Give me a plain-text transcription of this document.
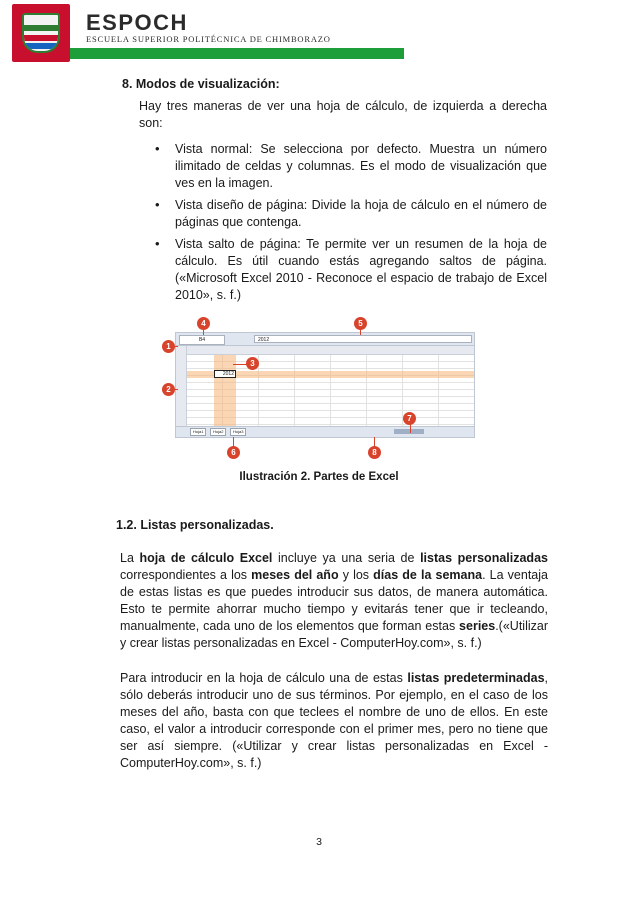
ESPOCH
ESCUELA SUPERIOR POLITÉCNICA DE CHIMBORAZO
8. Modos de visualización:
Hay tres maneras de ver una hoja de cálculo, de izquierda a derecha son:
• Vista normal: Se selecciona por defecto. Muestra un número ilimitado de celdas y columnas. Es el modo de visualización que ves en la imagen.
• Vista diseño de página: Divide la hoja de cálculo en el número de páginas que contenga.
• Vista salto de página: Te permite ver un resumen de la hoja de cálculo. Es útil cuando estás agregando saltos de página.(«Microsoft Excel 2010 - Reconoce el espacio de trabajo de Excel 2010», s. f.)
B4	2012
2012
Hoja1	Hoja2	Hoja3
1
2
3
4	5
6
7
8
Ilustración 2. Partes de Excel
1.2. Listas personalizadas.
La hoja de cálculo Excel incluye ya una seria de listas personalizadas correspondientes a los meses del año y los días de la semana. La ventaja de estas listas es que puedes introducir sus datos, de manera automática. Esto te permite ahorrar mucho tiempo y evitarás tener que ir tecleando, manualmente, cada uno de los elementos que forman estas series.(«Utilizar y crear listas personalizadas en Excel - ComputerHoy.com», s. f.)
Para introducir en la hoja de cálculo una de estas listas predeterminadas, sólo deberás introducir uno de sus términos. Por ejemplo, en el caso de los meses del año, basta con que teclees el nombre de uno de ellos. En este caso, el valor a introducir corresponde con el primer mes, pero no tiene que ser así siempre. («Utilizar y crear listas personalizadas en Excel - ComputerHoy.com», s. f.)
3
